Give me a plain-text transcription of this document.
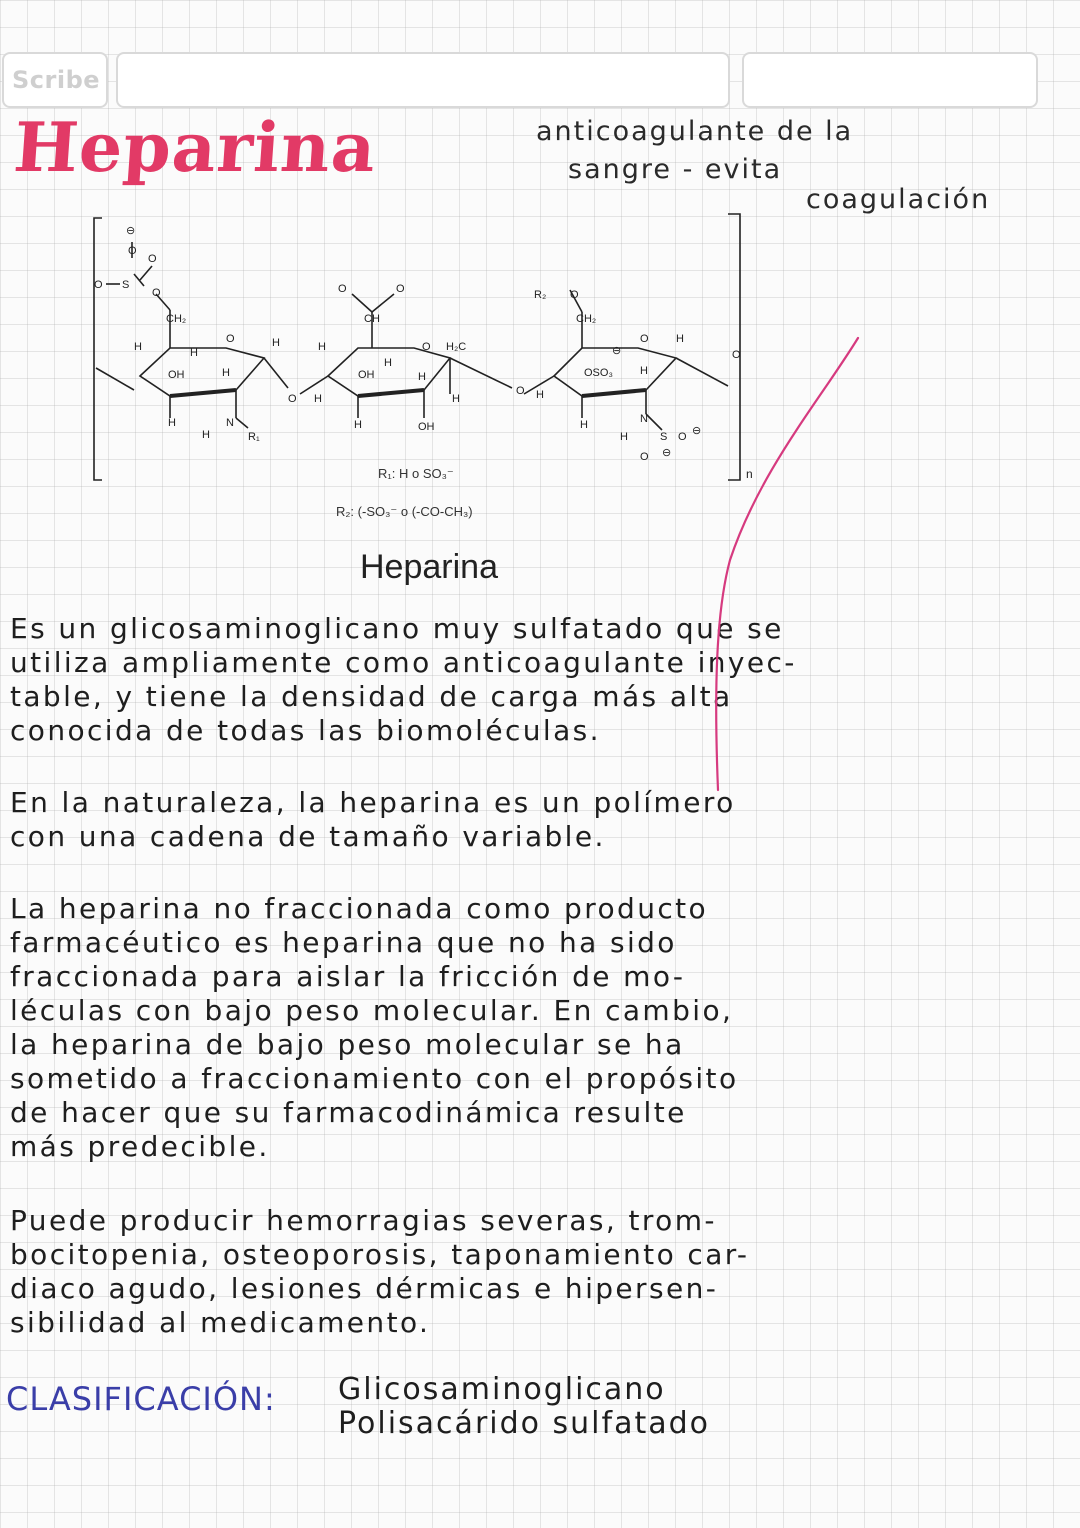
Scribe
Heparina	anticoagulante de la
sangre - evita
coagulación
S
O
O
O
O
⊖
CH₂
O
OH
H	H
H
H
H
H
N
R₁
O	O
CH
O H
O H₂C
OH
H
H
H
H	OH
H
R₂ O
CH₂
O H
O H
OSO₃
⊖
H
H	N
H	S
O
O ⊖
⊖
O
n
R₁: H o SO₃⁻
R₂: (-SO₃⁻ o (-CO-CH₃)
Heparina
Es un glicosaminoglicano muy sulfatado que se
utiliza ampliamente como anticoagulante inyec-
table, y tiene la densidad de carga más alta
conocida de todas las biomoléculas.
En la naturaleza, la heparina es un polímero
con una cadena de tamaño variable.
La heparina no fraccionada como producto
farmacéutico es heparina que no ha sido
fraccionada para aislar la fricción de mo-
léculas con bajo peso molecular. En cambio,
la heparina de bajo peso molecular se ha
sometido a fraccionamiento con el propósito
de hacer que su farmacodinámica resulte
más predecible.
Puede producir hemorragias severas, trom-
bocitopenia, osteoporosis, taponamiento car-
diaco agudo, lesiones dérmicas e hipersen-
sibilidad al medicamento.
CLASIFICACIÓN: Glicosaminoglicano
Polisacárido sulfatado
